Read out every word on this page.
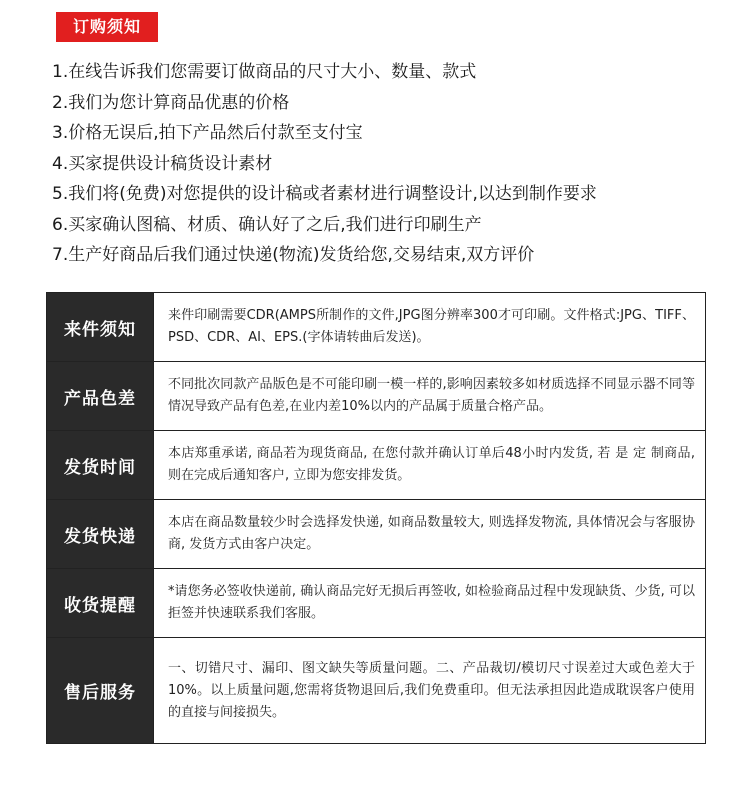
订购须知
1.在线告诉我们您需要订做商品的尺寸大小、数量、款式
2.我们为您计算商品优惠的价格
3.价格无误后,拍下产品然后付款至支付宝
4.买家提供设计稿货设计素材
5.我们将(免费)对您提供的设计稿或者素材进行调整设计,以达到制作要求
6.买家确认图稿、材质、确认好了之后,我们进行印刷生产
7.生产好商品后我们通过快递(物流)发货给您,交易结束,双方评价
来件须知	来件印刷需要CDR(AMPS所制作的文件,JPG图分辨率300才可印刷。文件格式:JPG、TIFF、PSD、CDR、AI、EPS.(字体请转曲后发送)。
产品色差	不同批次同款产品版色是不可能印刷一模一样的,影响因素较多如材质选择不同显示器不同等情况导致产品有色差,在业内差10%以内的产品属于质量合格产品。
发货时间	本店郑重承诺, 商品若为现货商品, 在您付款并确认订单后48小时内发货, 若 是 定 制商品, 则在完成后通知客户, 立即为您安排发货。
发货快递	本店在商品数量较少时会选择发快递, 如商品数量较大, 则选择发物流, 具体情况会与客服协商, 发货方式由客户决定。
收货提醒	*请您务必签收快递前, 确认商品完好无损后再签收, 如检验商品过程中发现缺货、少货, 可以拒签并快速联系我们客服。
售后服务	一、切错尺寸、漏印、图文缺失等质量问题。二、产品裁切/模切尺寸误差过大或色差大于10%。以上质量问题,您需将货物退回后,我们免费重印。但无法承担因此造成耽误客户使用的直接与间接损失。
